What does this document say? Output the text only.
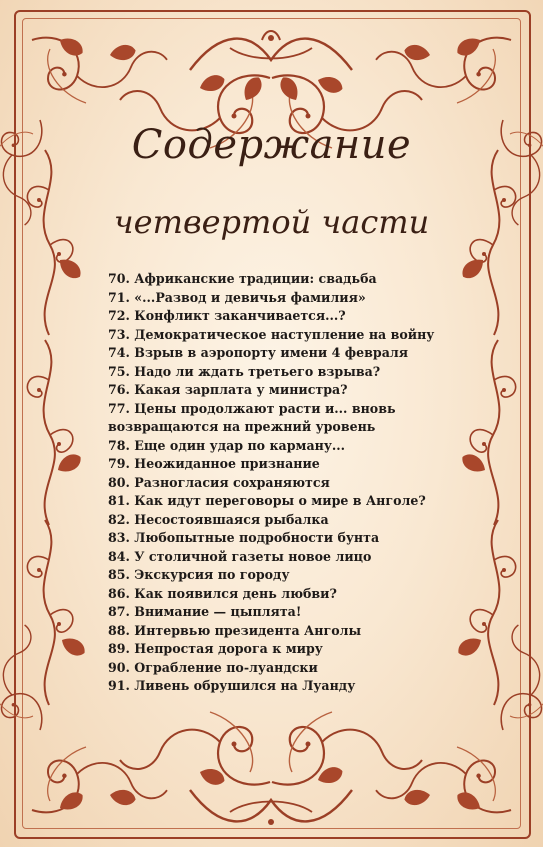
Содержание
четвертой части
70. Африканские традиции: свадьба
71. «...Развод и девичья фамилия»
72. Конфликт заканчивается...?
73. Демократическое наступление на войну
74. Взрыв в аэропорту имени 4 февраля
75. Надо ли ждать третьего взрыва?
76. Какая зарплата у министра?
77. Цены продолжают расти и... вновь возвращаются на прежний уровень
78. Еще один удар по карману...
79. Неожиданное признание
80. Разногласия сохраняются
81. Как идут переговоры о мире в Анголе?
82. Несостоявшаяся рыбалка
83. Любопытные подробности бунта
84. У столичной газеты новое лицо
85. Экскурсия по городу
86. Как появился день любви?
87. Внимание — цыплята!
88. Интервью президента Анголы
89. Непростая дорога к миру
90. Ограбление по-луандски
91. Ливень обрушился на Луанду
